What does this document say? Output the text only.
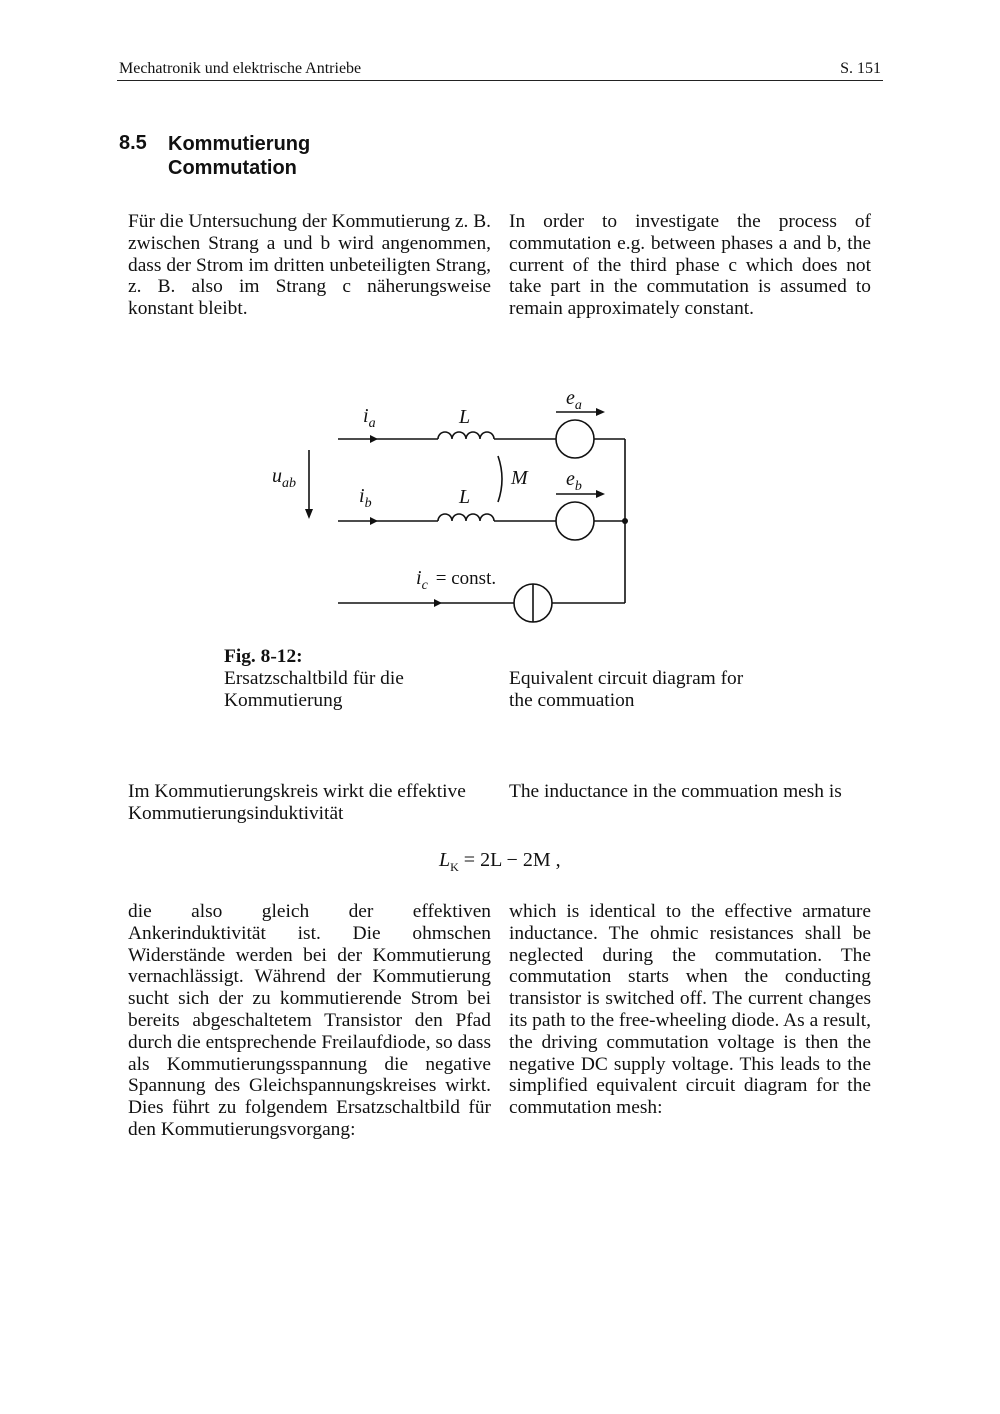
Mechatronik und elektrische Antriebe	S. 151
8.5 Kommutierung
Commutation
Für die Untersuchung der Kommutierung z. B. zwischen Strang a und b wird angenommen, dass der Strom im dritten unbeteiligten Strang, z. B. also im Strang c näherungsweise konstant bleibt.
In order to investigate the process of commutation e.g. between phases a and b, the current of the third phase c which does not take part in the commutation is assumed to remain approximately constant.
$i_a$	L
$e_a$
$u_{ab}$	M $e_b$
$i_b$	L
$i_c$ = const.
Fig. 8-12:
Ersatzschaltbild für die Kommutierung
Equivalent circuit diagram for the commuation
Im Kommutierungskreis wirkt die effektive Kommutierungsinduktivität
The inductance in the commuation mesh is
$L_K = 2L - 2M$ ,
die also gleich der effektiven Ankerinduktivität ist. Die ohmschen Widerstände werden bei der Kommutierung vernachlässigt. Während der Kommutierung sucht sich der zu kommutierende Strom bei bereits abgeschaltetem Transistor den Pfad durch die entsprechende Freilaufdiode, so dass als Kommutierungsspannung die negative Spannung des Gleichspannungskreises wirkt. Dies führt zu folgendem Ersatzschaltbild für den Kommutierungsvorgang:
which is identical to the effective armature inductance. The ohmic resistances shall be neglected during the commutation. The commutation starts when the conducting transistor is switched off. The current changes its path to the free-wheeling diode. As a result, the driving commutation voltage is then the negative DC supply voltage. This leads to the simplified equivalent circuit diagram for the commutation mesh:
